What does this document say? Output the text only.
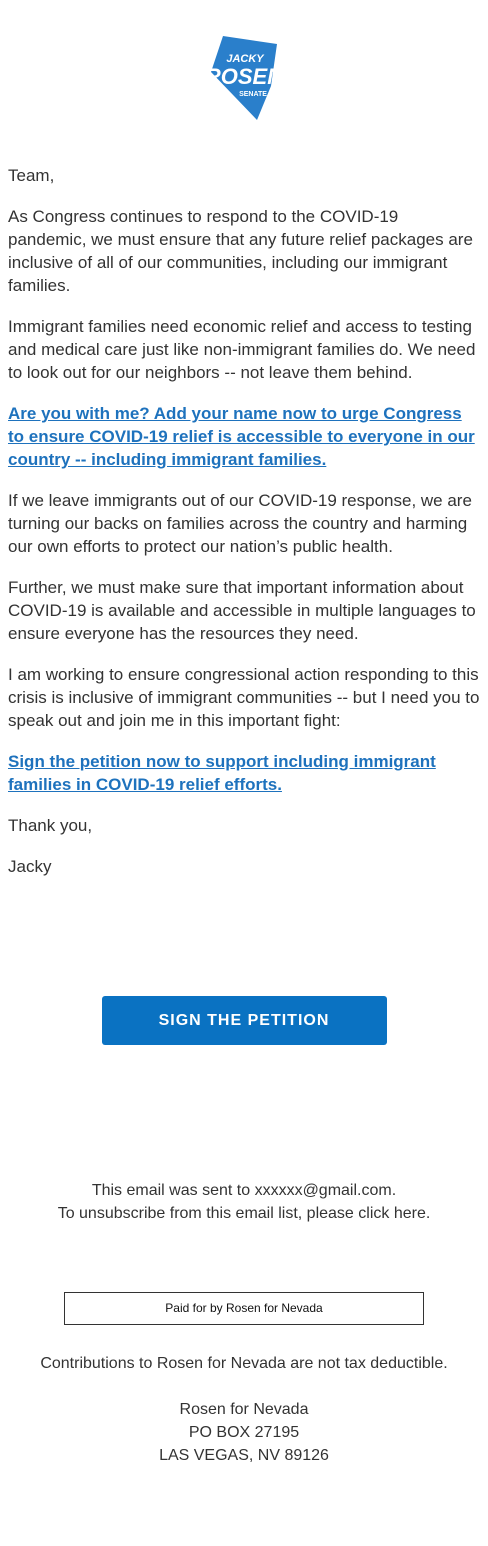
JACKY
ROSEN
SENATE

Team,

As Congress continues to respond to the COVID-19 pandemic, we must ensure that any future relief packages are inclusive of all of our communities, including our immigrant families.

Immigrant families need economic relief and access to testing and medical care just like non-immigrant families do. We need to look out for our neighbors -- not leave them behind.

Are you with me? Add your name now to urge Congress to ensure COVID-19 relief is accessible to everyone in our country -- including immigrant families.

If we leave immigrants out of our COVID-19 response, we are turning our backs on families across the country and harming our own efforts to protect our nation’s public health.

Further, we must make sure that important information about COVID-19 is available and accessible in multiple languages to ensure everyone has the resources they need.

I am working to ensure congressional action responding to this crisis is inclusive of immigrant communities -- but I need you to speak out and join me in this important fight:

Sign the petition now to support including immigrant families in COVID-19 relief efforts.

Thank you,

Jacky

SIGN THE PETITION
This email was sent to xxxxxx@gmail.com.
To unsubscribe from this email list, please click here.
Paid for by Rosen for Nevada
Contributions to Rosen for Nevada are not tax deductible.
Rosen for Nevada
PO BOX 27195
LAS VEGAS, NV 89126
